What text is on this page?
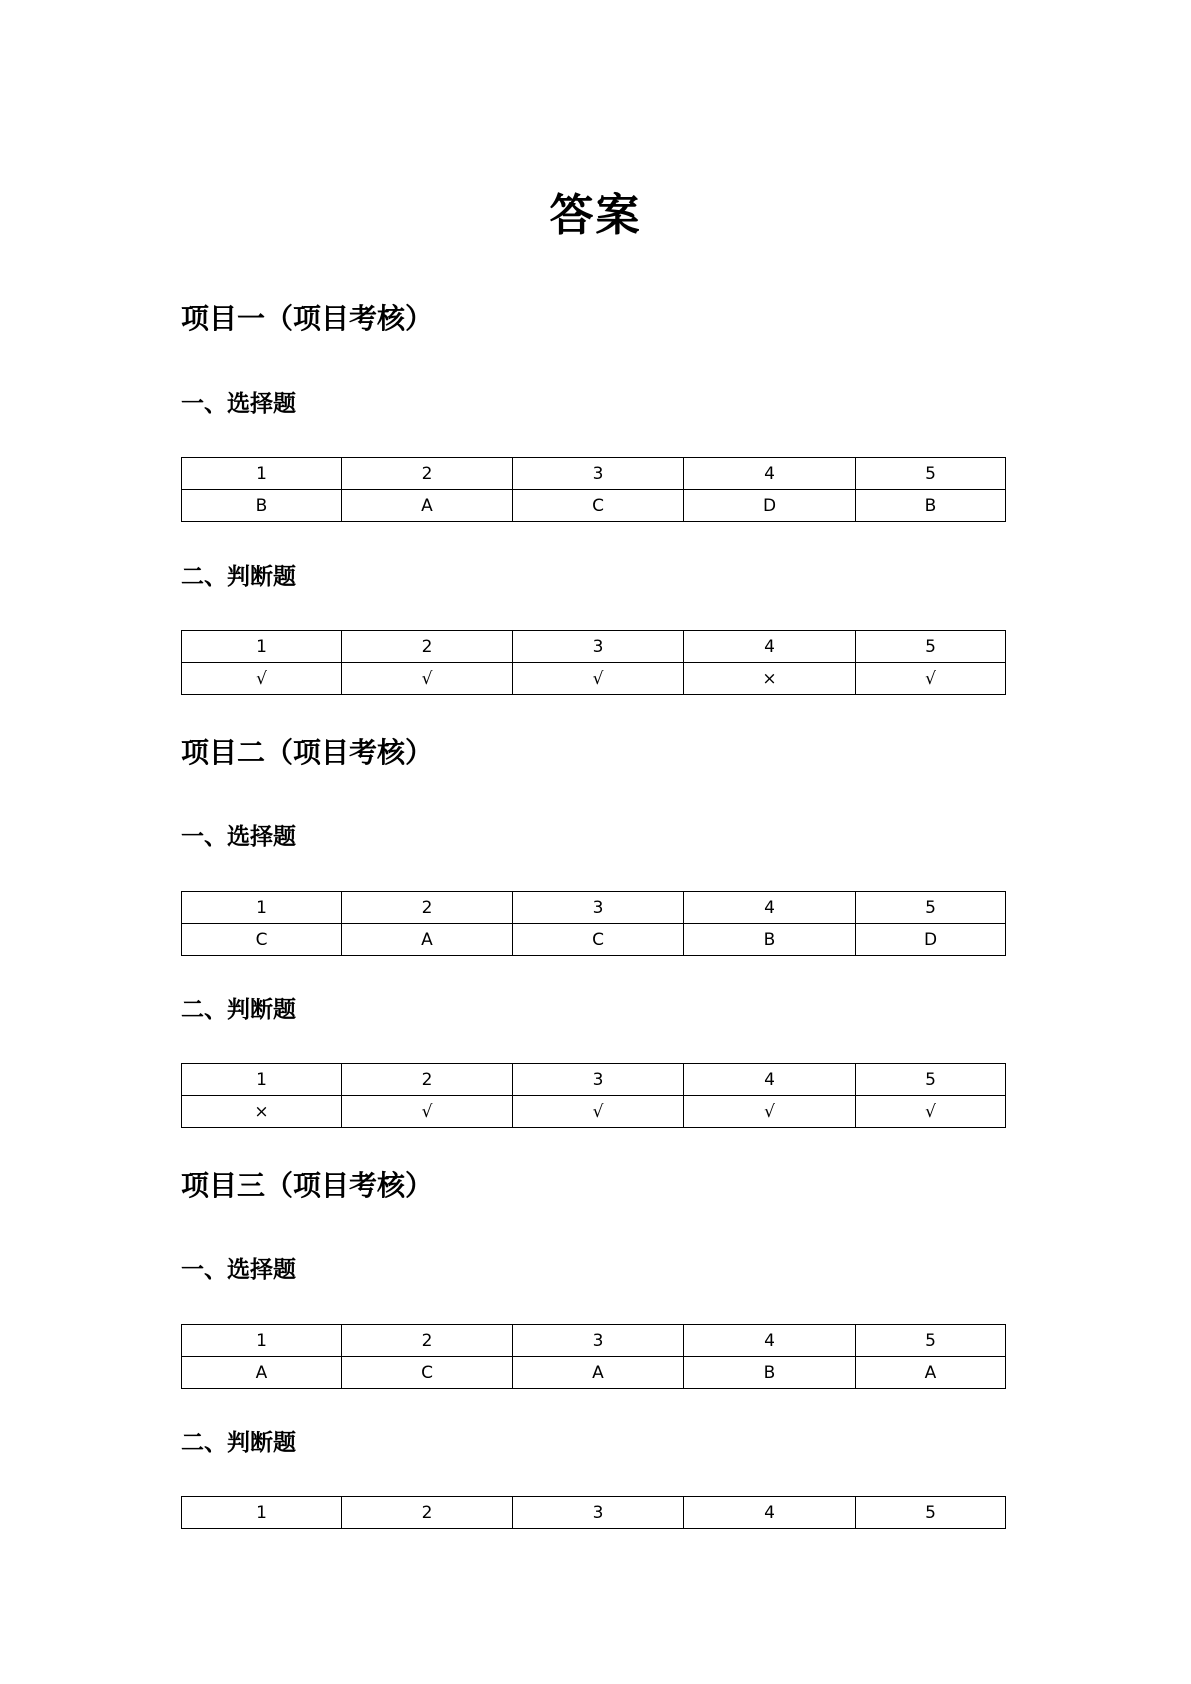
答案
项目一（项目考核）
一、选择题
1	2	3	4	5
B	A	C	D	B
二、判断题
1	2	3	4	5
√	√	√	×	√
项目二（项目考核）
一、选择题
1	2	3	4	5
C	A	C	B	D
二、判断题
1	2	3	4	5
×	√	√	√	√
项目三（项目考核）
一、选择题
1	2	3	4	5
A	C	A	B	A
二、判断题
1	2	3	4	5
